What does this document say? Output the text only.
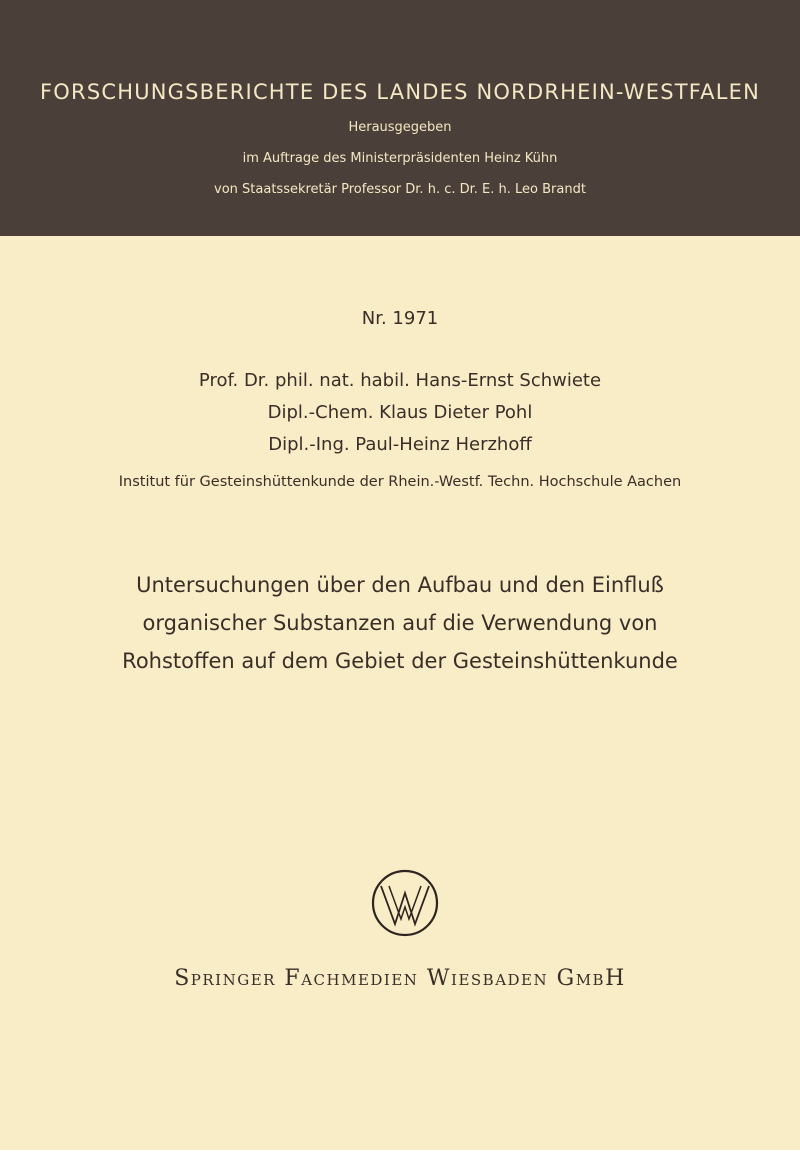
FORSCHUNGSBERICHTE DES LANDES NORDRHEIN-WESTFALEN
Herausgegeben
im Auftrage des Ministerpräsidenten Heinz Kühn
von Staatssekretär Professor Dr. h. c. Dr. E. h. Leo Brandt
Nr. 1971
Prof. Dr. phil. nat. habil. Hans-Ernst Schwiete
Dipl.-Chem. Klaus Dieter Pohl
Dipl.-Ing. Paul-Heinz Herzhoff
Institut für Gesteinshüttenkunde der Rhein.-Westf. Techn. Hochschule Aachen
Untersuchungen über den Aufbau und den Einfluß
organischer Substanzen auf die Verwendung von
Rohstoffen auf dem Gebiet der Gesteinshüttenkunde
Springer Fachmedien Wiesbaden GmbH
